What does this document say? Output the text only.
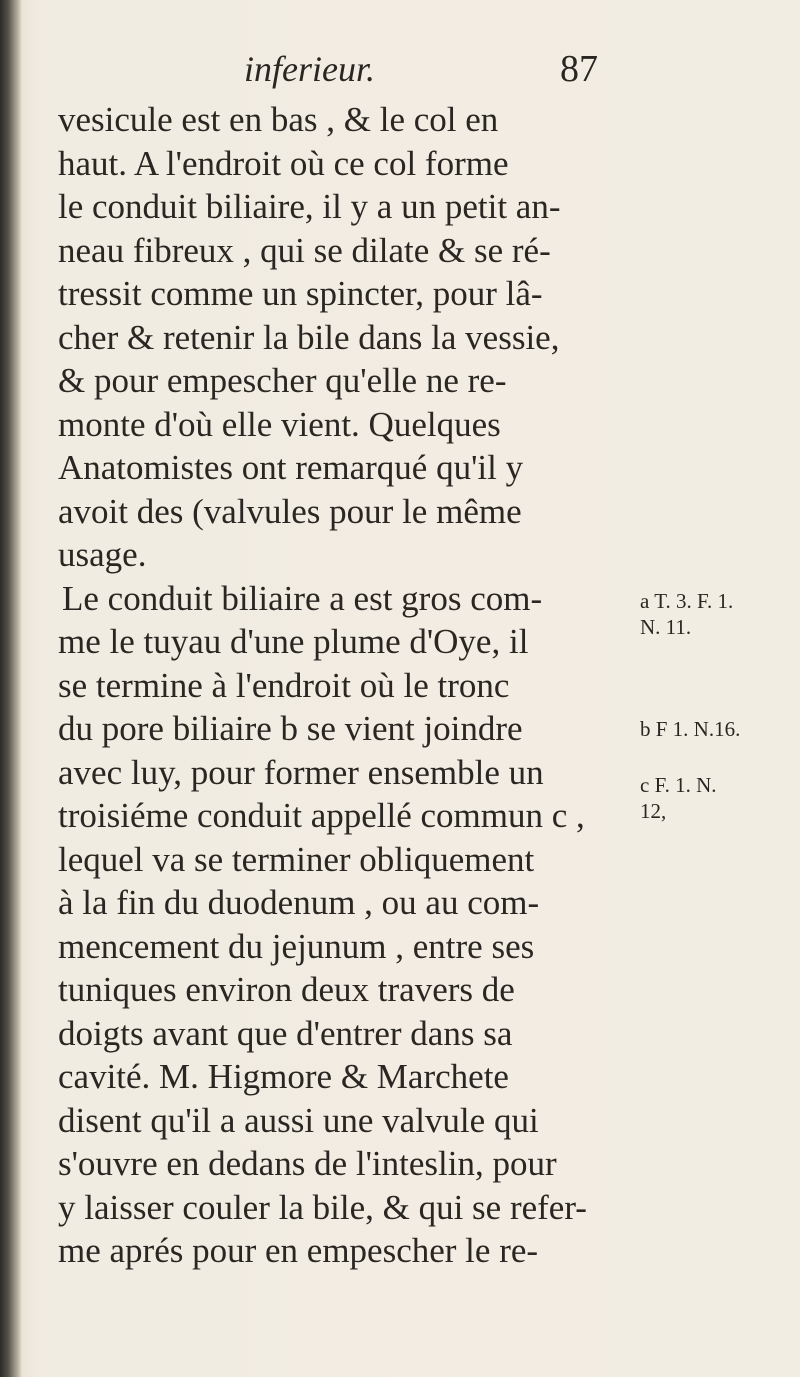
inferieur.	87
vesicule est en bas , & le col en
haut. A l'endroit où ce col forme
le conduit biliaire, il y a un petit an-
neau fibreux , qui se dilate & se ré-
tressit comme un spincter, pour lâ-
cher & retenir la bile dans la vessie,
& pour empescher qu'elle ne re-
monte d'où elle vient. Quelques
Anatomistes ont remarqué qu'il y
avoit des (valvules pour le même
usage.
Le conduit biliaire a est gros com-
me le tuyau d'une plume d'Oye, il
se termine à l'endroit où le tronc
du pore biliaire b se vient joindre
avec luy, pour former ensemble un
troisiéme conduit appellé commun c ,
lequel va se terminer obliquement
à la fin du duodenum , ou au com-
mencement du jejunum , entre ses
tuniques environ deux travers de
doigts avant que d'entrer dans sa
cavité. M. Higmore & Marchete
disent qu'il a aussi une valvule qui
s'ouvre en dedans de l'inteslin, pour
y laisser couler la bile, & qui se refer-
me aprés pour en empescher le re-
a T. 3. F. 1.
N. 11.
b F 1. N.16.
c F. 1. N.
12,
